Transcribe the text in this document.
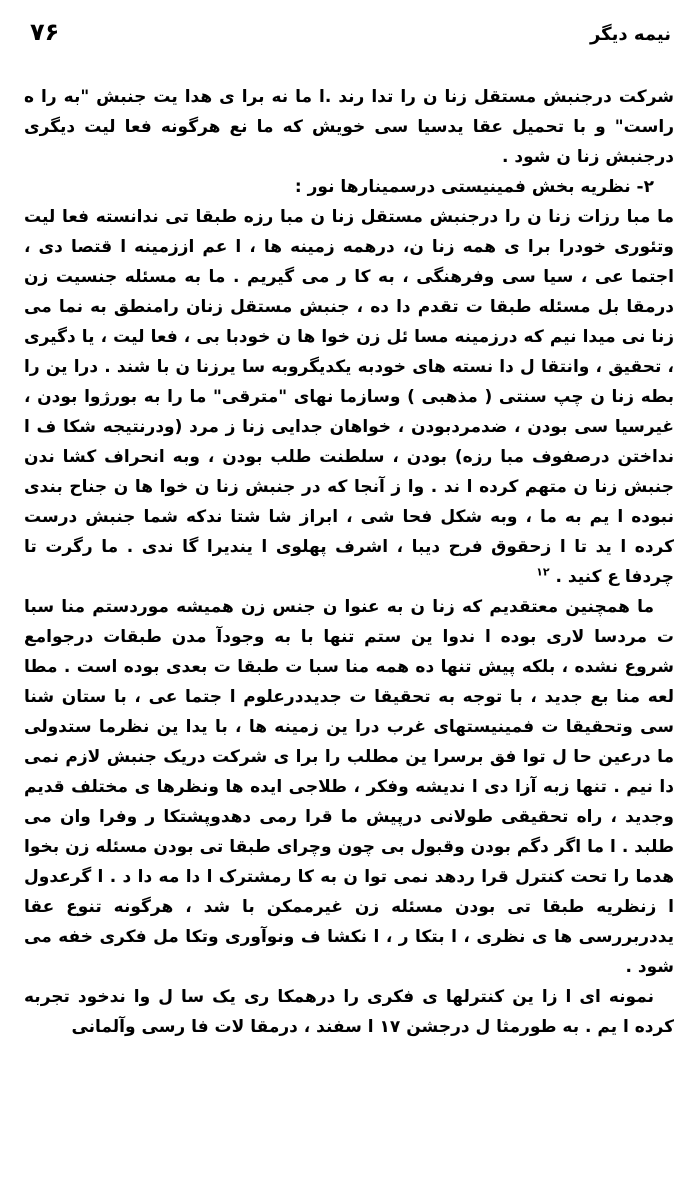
۷۶	نیمه دیگر

شرکت درجنبش مستقل زنا ن را تدا رند .ا ما نه برا ی هدا یت جنبش "به را ه راست" و با تحمیل عقا یدسیا سی خویش که ما نع هرگونه فعا لیت دیگری درجنبش زنا ن شود .

۲- نظریه بخش فمینیستی درسمینارها نور :

ما مبا رزات زنا ن را درجنبش مستقل زنا ن مبا رزه طبقا تی ندانسته فعا لیت وتئوری خودرا برا ی همه زنا ن، درهمه زمینه ها ، ا عم اززمینه ا قتصا دی ، اجتما عی ، سیا سی وفرهنگی ، به کا ر می گیریم . ما به مسئله جنسیت زن درمقا بل مسئله طبقا ت تقدم دا ده ، جنبش مستقل زنان رامنطق به نما می زنا نی میدا نیم که درزمینه مسا ئل زن خوا ها ن خودبا بی ، فعا لیت ، یا دگیری ، تحقیق ، وانتقا ل دا نسته های خودبه یکدیگروبه سا یرزنا ن با شند . درا ین را بطه زنا ن چپ سنتی ( مذهبی ) وسازما نهای "مترقی" ما را به بورژوا بودن ، غیرسیا سی بودن ، ضدمردبودن ، خواهان جدایی زنا ز مرد (ودرنتیجه شکا ف ا نداختن درصفوف مبا رزه) بودن ، سلطنت طلب بودن ، وبه انحراف کشا ندن جنبش زنا ن متهم کرده ا ند . وا ز آنجا که در جنبش زنا ن خوا ها ن جناح بندی نبوده ا یم به ما ، وبه شکل فحا شی ، ابراز شا شتا ندکه شما جنبش درست کرده ا ید تا ا زحقوق فرح دیبا ، اشرف پهلوی ا یندیرا گا ندی . ما رگرت تا چردفا ع کنید . $^{۱۲}$

ما همچنین معتقدیم که زنا ن به عنوا ن جنس زن همیشه موردستم منا سبا ت مردسا لاری بوده ا ندوا ین ستم تنها با به وجودآ مدن طبقات درجوامع شروع نشده ، بلکه پیش تنها ده همه منا سبا ت طبقا ت بعدی بوده است . مطا لعه منا بع جدید ، با توجه به تحقیقا ت جدیددرعلوم ا جتما عی ، با ستان شنا سی وتحقیقا ت فمینیستهای غرب درا ین زمینه ها ، با یدا ین نظرما ستدولی ما درعین حا ل توا فق برسرا ین مطلب را برا ی شرکت دریک جنبش لازم نمی دا نیم . تنها زبه آزا دی ا ندیشه وفکر ، طلاجی ایده ها ونظرها ی مختلف قدیم وجدید ، راه تحقیقی طولانی درپیش ما قرا رمی دهدوپشتکا ر وفرا وان می طلبد . ا ما اگر دگم بودن وقبول بی چون وچرای طبقا تی بودن مسئله زن بخوا هدما را تحت کنترل قرا ردهد نمی توا ن به کا رمشترک ا دا مه دا د . ا گرعدول ا زنظریه طبقا تی بودن مسئله زن غیرممکن با شد ، هرگونه تنوع عقا یددربررسی ها ی نظری ، ا بتکا ر ، ا نکشا ف ونوآوری وتکا مل فکری خفه می شود .

نمونه ای ا زا ین کنترلها ی فکری را درهمکا ری یک سا ل وا ندخود تجربه کرده ا یم . به طورمثا ل درجشن ۱۷ ا سفند ، درمقا لات فا رسی وآلمانی
